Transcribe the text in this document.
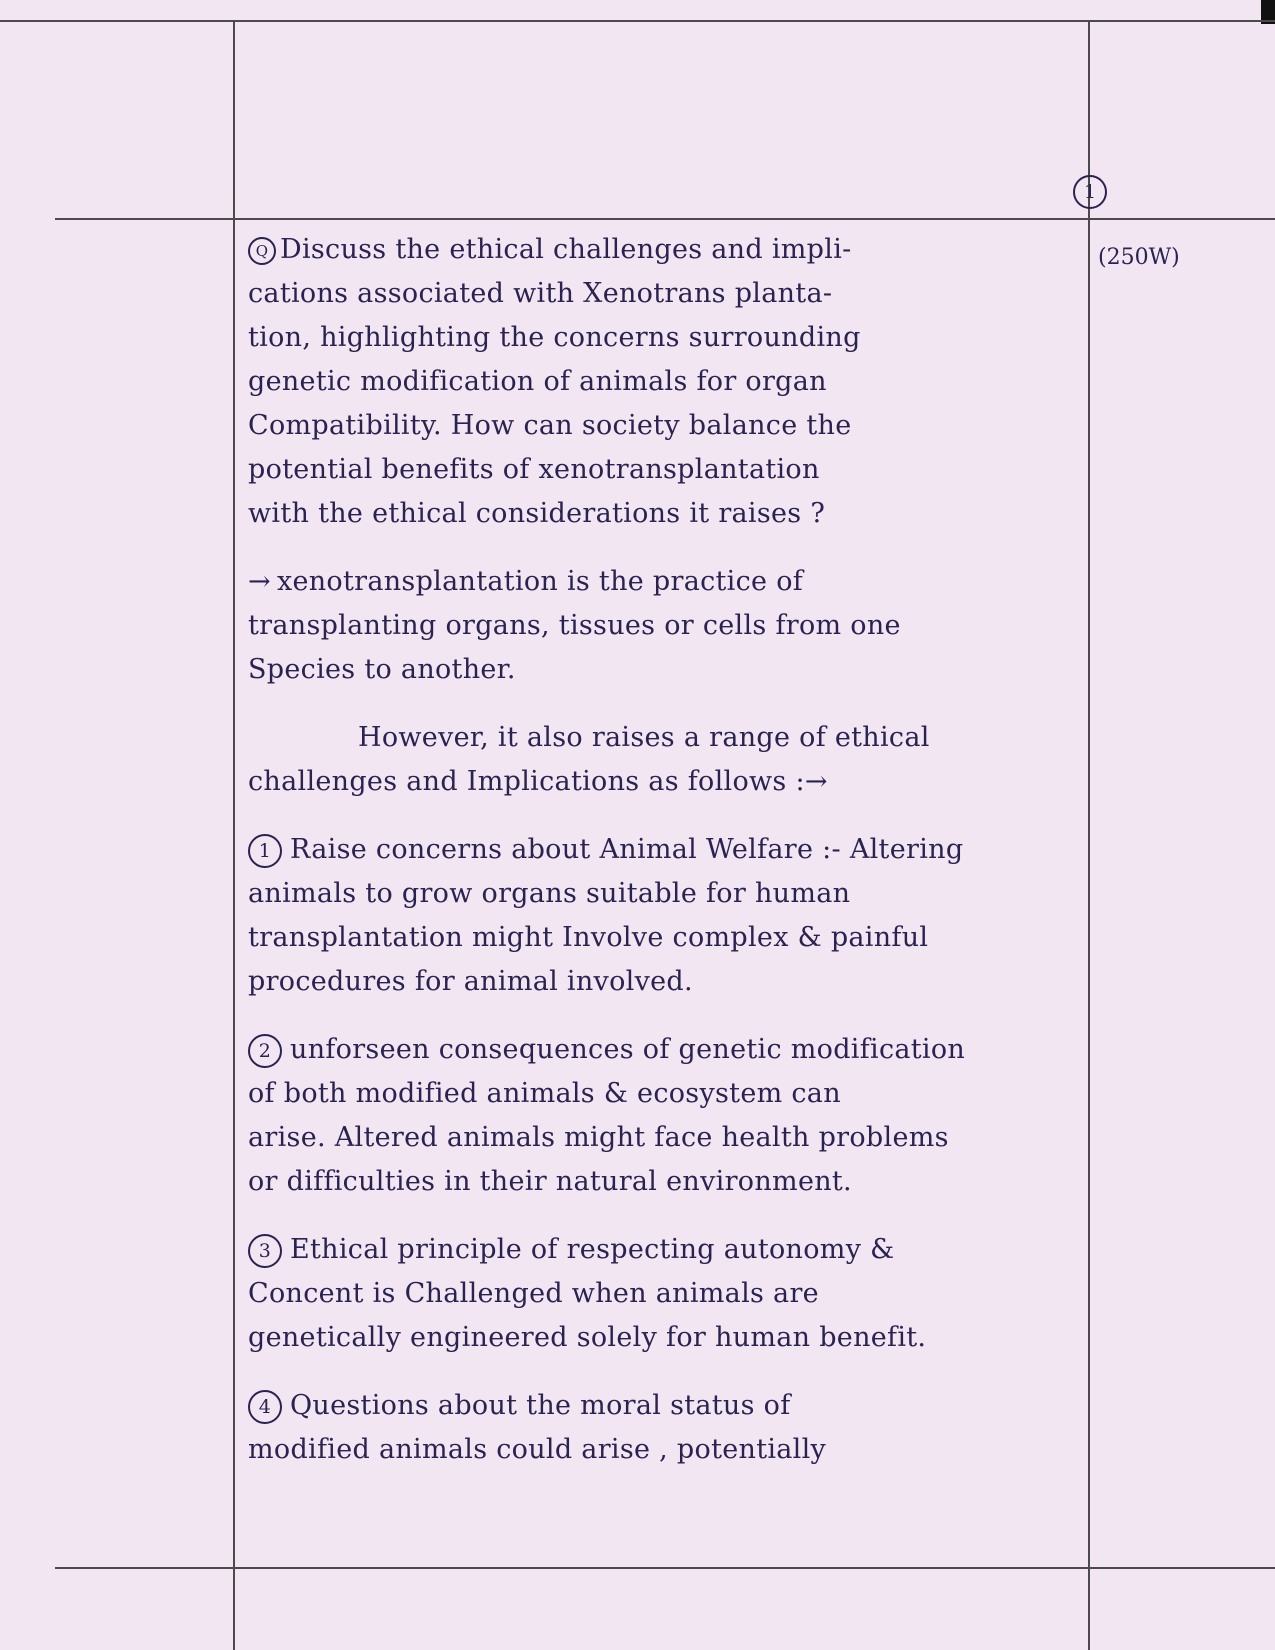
1
(250W)
Q Discuss the ethical challenges and impli-
cations associated with Xenotrans planta-
tion, highlighting the concerns surrounding
genetic modification of animals for organ
Compatibility. How can society balance the
potential benefits of xenotransplantation
with the ethical considerations it raises ?
→ xenotransplantation is the practice of
transplanting organs, tissues or cells from one
Species to another.
However, it also raises a range of ethical
challenges and Implications as follows :→
1 Raise concerns about Animal Welfare :- Altering
animals to grow organs suitable for human
transplantation might Involve complex & painful
procedures for animal involved.
2 unforseen consequences of genetic modification
of both modified animals & ecosystem can
arise. Altered animals might face health problems
or difficulties in their natural environment.
3 Ethical principle of respecting autonomy &
Concent is Challenged when animals are
genetically engineered solely for human benefit.
4 Questions about the moral status of
modified animals could arise , potentially
